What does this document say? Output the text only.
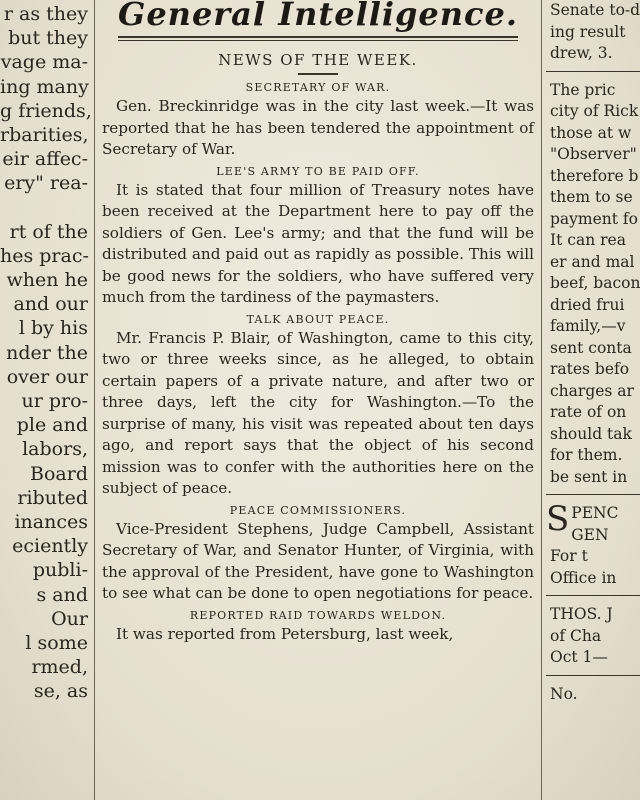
r as they
but they
vage ma-
ing many
g friends,
rbarities,
eir affec-
ery" rea-
rt of the
hes prac-
when he
and our
l by his
nder the
over our
ur pro-
ple and
labors,
Board
ributed
inances
eciently
publi-
s and
Our
l some
rmed,
se, as
General Intelligence.
NEWS OF THE WEEK.
SECRETARY OF WAR.
Gen. Breckinridge was in the city last week.—It was reported that he has been tendered the appointment of Secretary of War.
LEE'S ARMY TO BE PAID OFF.
It is stated that four million of Treasury notes have been received at the Department here to pay off the soldiers of Gen. Lee's army; and that the fund will be distributed and paid out as rapidly as possible. This will be good news for the soldiers, who have suffered very much from the tardiness of the paymasters.
TALK ABOUT PEACE.
Mr. Francis P. Blair, of Washington, came to this city, two or three weeks since, as he alleged, to obtain certain papers of a private nature, and after two or three days, left the city for Washington.—To the surprise of many, his visit was repeated about ten days ago, and report says that the object of his second mission was to confer with the authorities here on the subject of peace.
PEACE COMMISSIONERS.
Vice-President Stephens, Judge Campbell, Assistant Secretary of War, and Senator Hunter, of Virginia, with the approval of the President, have gone to Washington to see what can be done to open negotiations for peace.
REPORTED RAID TOWARDS WELDON.
It was reported from Petersburg, last week,
Senate to-d
ing result
drew, 3.
The pric
city of Rick
those at w
"Observer"
therefore b
them to se
payment fo
It can rea
er and mal
beef, bacon
dried frui
family,—v
sent conta
rates befo
charges ar
rate of on
should tak
for them.
be sent in
S PENC
GEN
For t
Office in
THOS. J
of Cha
Oct 1—
No.
